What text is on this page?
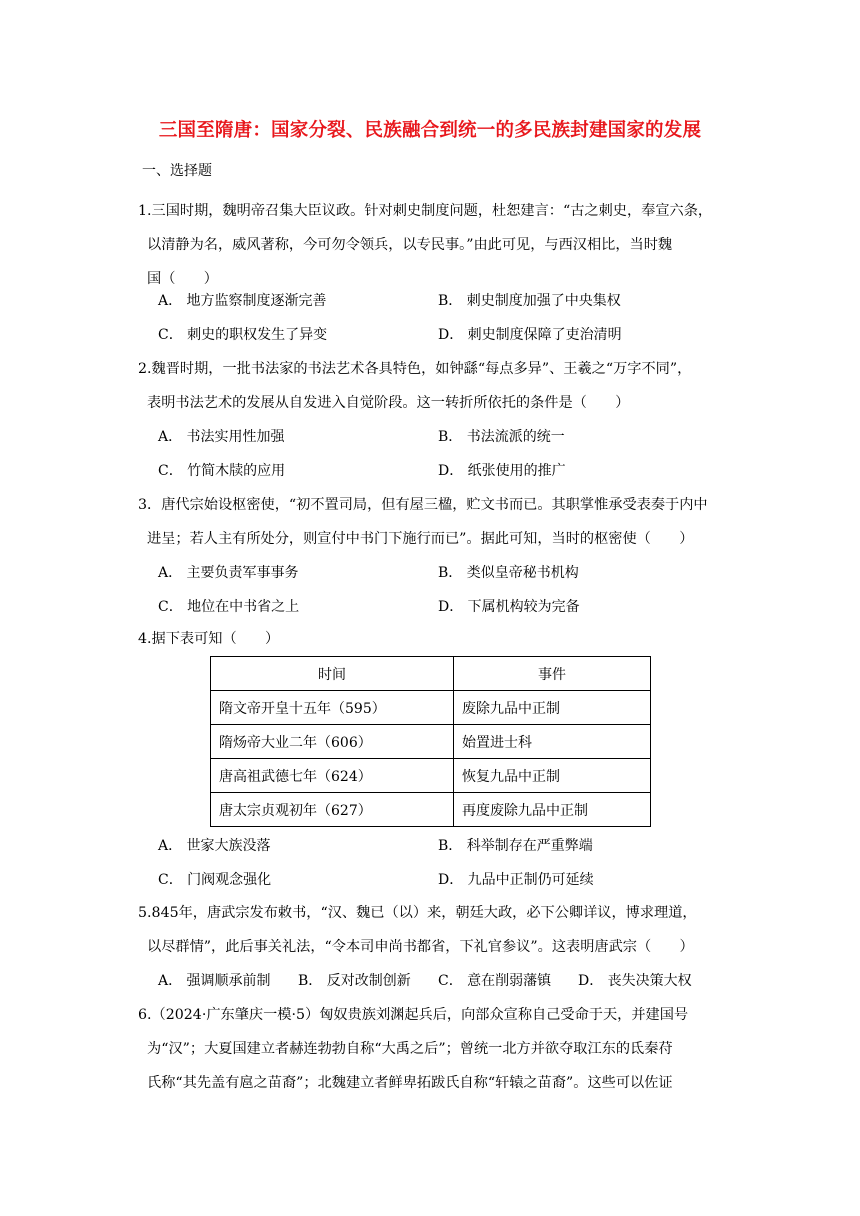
三国至隋唐：国家分裂、民族融合到统一的多民族封建国家的发展
一、选择题
1.三国时期，魏明帝召集大臣议政。针对刺史制度问题，杜恕建言：“古之刺史，奉宣六条，
以清静为名，威风著称，今可勿令领兵，以专民事。”由此可见，与西汉相比，当时魏
国（　　）
A． 地方监察制度逐渐完善	B． 刺史制度加强了中央集权
C． 刺史的职权发生了异变	D． 刺史制度保障了吏治清明
2.魏晋时期，一批书法家的书法艺术各具特色，如钟繇“每点多异”、王羲之“万字不同”，
表明书法艺术的发展从自发进入自觉阶段。这一转折所依托的条件是（　　）
A． 书法实用性加强	B． 书法流派的统一
C． 竹简木牍的应用	D． 纸张使用的推广
3．唐代宗始设枢密使，“初不置司局，但有屋三楹，贮文书而已。其职掌惟承受表奏于内中
进呈；若人主有所处分，则宣付中书门下施行而已”。据此可知，当时的枢密使（　　）
A． 主要负责军事事务	B． 类似皇帝秘书机构
C． 地位在中书省之上	D． 下属机构较为完备
4.据下表可知（　　）
时间	事件
隋文帝开皇十五年（595）	废除九品中正制
隋炀帝大业二年（606）	始置进士科
唐高祖武德七年（624）	恢复九品中正制
唐太宗贞观初年（627）	再度废除九品中正制
A． 世家大族没落	B． 科举制存在严重弊端
C． 门阀观念强化	D． 九品中正制仍可延续
5.845年，唐武宗发布敕书，“汉、魏已（以）来，朝廷大政，必下公卿详议，博求理道，
以尽群情”，此后事关礼法，“令本司申尚书都省，下礼官参议”。这表明唐武宗（　　）
A． 强调顺承前制 B． 反对改制创新 C． 意在削弱藩镇 D． 丧失决策大权
6.（2024·广东肇庆一模·5）匈奴贵族刘渊起兵后，向部众宣称自己受命于天，并建国号
为“汉”；大夏国建立者赫连勃勃自称“大禹之后”；曾统一北方并欲夺取江东的氐秦苻
氏称“其先盖有扈之苗裔”；北魏建立者鲜卑拓跋氏自称“轩辕之苗裔”。这些可以佐证
